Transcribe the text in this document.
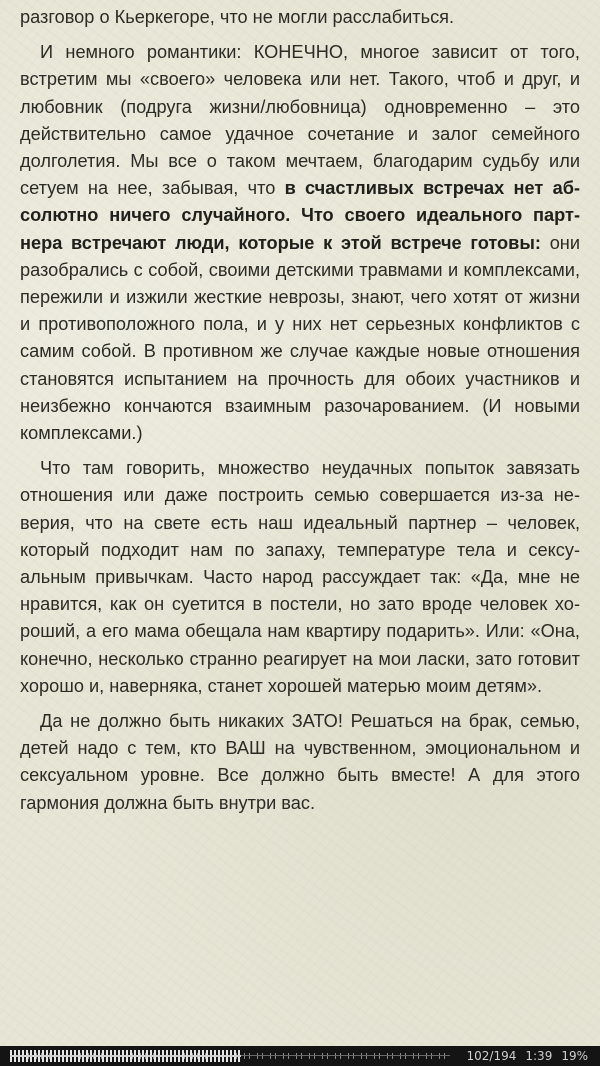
разговор о Кьеркегоре, что не могли расслабиться.

И немного романтики: КОНЕЧНО, многое зависит от того, встретим мы «своего» человека или нет. Такого, чтоб и друг, и любовник (подруга жизни/любовница) одновременно – это действительно самое удачное сочетание и залог семейного долголетия. Мы все о таком мечтаем, благодарим судьбу или сетуем на нее, забывая, что в счастливых встречах нет абсолютно ничего случайного. Что своего идеального партнера встречают люди, которые к этой встрече готовы: они разобрались с собой, своими детскими травмами и комплексами, пережили и изжили жесткие неврозы, знают, чего хотят от жизни и противоположного пола, и у них нет серьезных конфликтов с самим собой. В противном же случае каждые новые отношения становятся испытанием на прочность для обоих участников и неизбежно кончаются взаимным разочарованием. (И новыми комплексами.)

Что там говорить, множество неудачных попыток завязать отношения или даже построить семью совершается из-за неверия, что на свете есть наш идеальный партнер – человек, который подходит нам по запаху, температуре тела и сексуальным привычкам. Часто народ рассуждает так: «Да, мне не нравится, как он суетится в постели, но зато вроде человек хороший, а его мама обещала нам квартиру подарить». Или: «Она, конечно, несколько странно реагирует на мои ласки, зато готовит хорошо и, наверняка, станет хорошей матерью моим детям».

Да не должно быть никаких ЗАТО! Решаться на брак, семью, детей надо с тем, кто ВАШ на чувственном, эмоциональном и сексуальном уровне. Все должно быть вместе! А для этого гармония должна быть внутри вас.

102/194 1:39 19%
